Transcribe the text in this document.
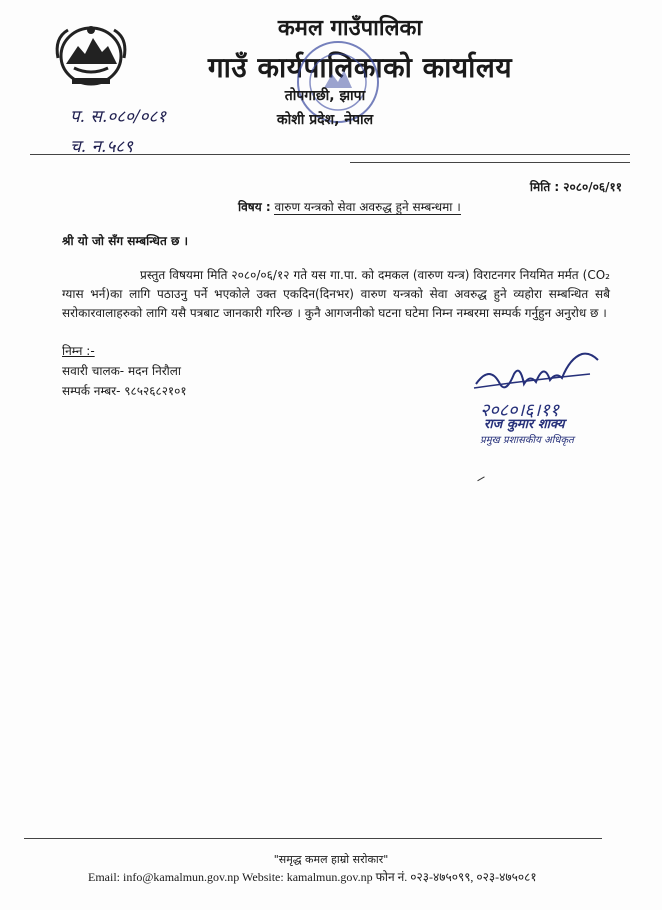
कमल गाउँपालिका
गाउँ कार्यपालिकाको कार्यालय
तोपगाछी, झापा
कोशी प्रदेश, नेपाल
प. स.०८०/०८१
च. न.५८९
मिति : २०८०/०६/११
विषय : वारुण यन्त्रको सेवा अवरुद्ध हुने सम्बन्धमा ।
श्री यो जो सँग सम्बन्धित छ ।
प्रस्तुत विषयमा मिति २०८०/०६/१२ गते यस गा.पा. को दमकल (वारुण यन्त्र) विराटनगर नियमित मर्मत (CO₂ ग्यास भर्न)का लागि पठाउनु पर्ने भएकोले उक्त एकदिन(दिनभर) वारुण यन्त्रको सेवा अवरुद्ध हुने व्यहोरा सम्बन्धित सबै सरोकारवालाहरुको लागि यसै पत्रबाट जानकारी गरिन्छ । कुनै आगजनीको घटना घटेमा निम्न नम्बरमा सम्पर्क गर्नुहुन अनुरोध छ ।
निम्न :-
सवारी चालक- मदन निरौला
सम्पर्क नम्बर- ९८५२६८२१०१
२०८०।६।११
राज कुमार शाक्य
प्रमुख प्रशासकीय अधिकृत
"समृद्ध कमल हाम्रो सरोकार"
Email: info@kamalmun.gov.np Website: kamalmun.gov.np फोन नं. ०२३-४७५०९९, ०२३-४७५०८१
